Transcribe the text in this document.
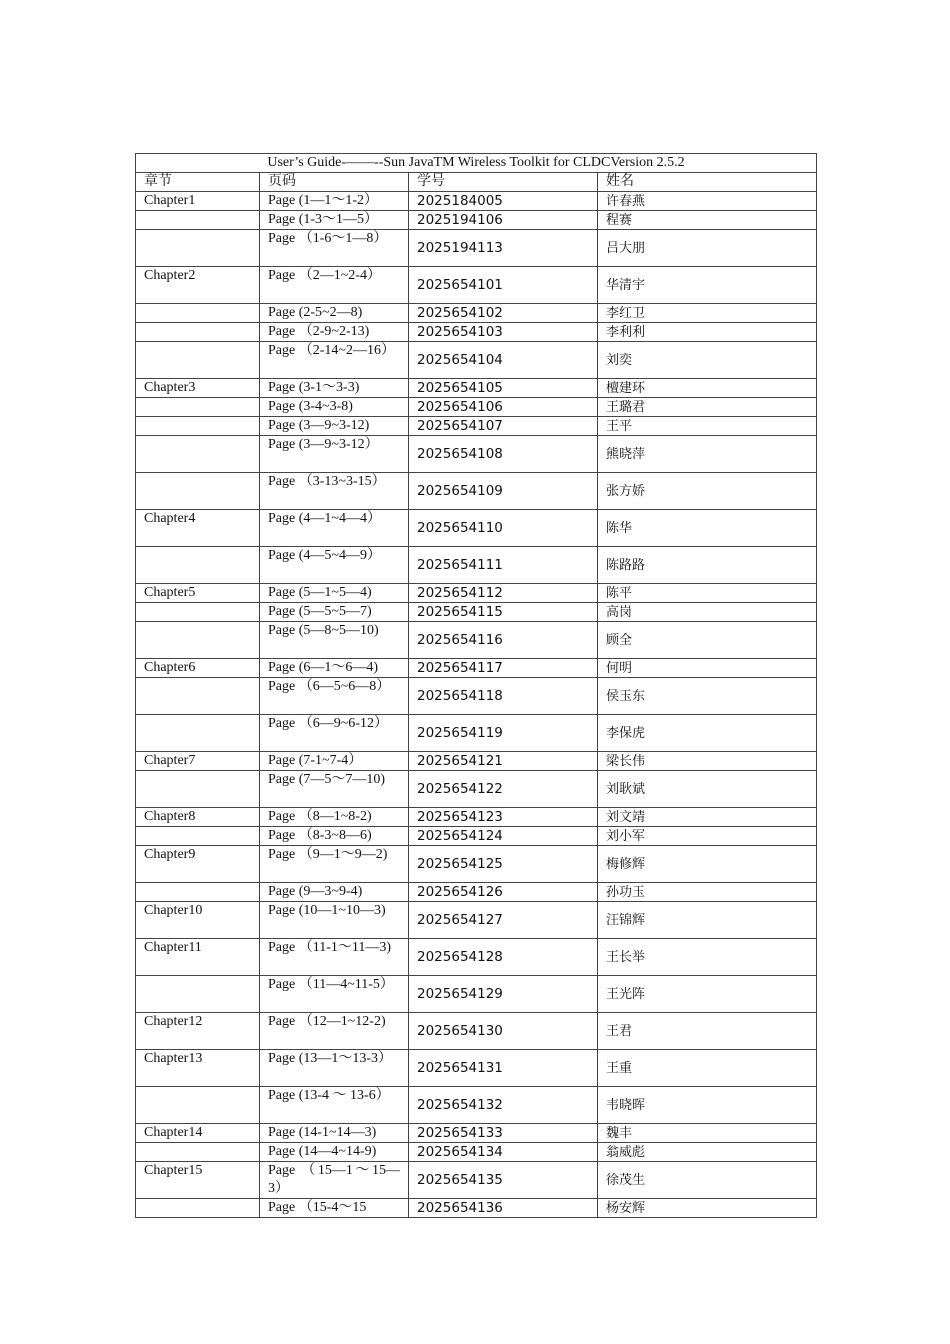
User’s Guide-——--Sun JavaTM Wireless Toolkit for CLDCVersion 2.5.2			
章节	页码	学号	姓名
Chapter1	Page (1—1～1-2）	2025184005	许春燕
	Page (1-3～1—5）	2025194106	程赛
	Page （1-6～1—8）	2025194113	吕大朋
Chapter2	Page （2—1~2-4）	2025654101	华清宇
	Page (2-5~2—8)	2025654102	李红卫
	Page （2-9~2-13)	2025654103	李利利
	Page （2-14~2—16）	2025654104	刘奕
Chapter3	Page (3-1～3-3)	2025654105	檀建环
	Page (3-4~3-8)	2025654106	王璐君
	Page (3—9~3-12)	2025654107	王平
	Page (3—9~3-12）	2025654108	熊晓萍
	Page （3-13~3-15）	2025654109	张方娇
Chapter4	Page (4—1~4—4）	2025654110	陈华
	Page (4—5~4—9）	2025654111	陈路路
Chapter5	Page (5—1~5—4)	2025654112	陈平
	Page (5—5~5—7)	2025654115	高岗
	Page (5—8~5—10)	2025654116	顾全
Chapter6	Page (6—1～6—4)	2025654117	何明
	Page （6—5~6—8）	2025654118	侯玉东
	Page （6—9~6-12）	2025654119	李保虎
Chapter7	Page (7-1~7-4）	2025654121	梁长伟
	Page (7—5～7—10)	2025654122	刘耿斌
Chapter8	Page （8—1~8-2)	2025654123	刘文靖
	Page （8-3~8—6)	2025654124	刘小军
Chapter9	Page （9—1～9—2)	2025654125	梅修辉
	Page (9—3~9-4)	2025654126	孙功玉
Chapter10	Page (10—1~10—3)	2025654127	汪锦辉
Chapter11	Page （11-1～11—3)	2025654128	王长举
	Page （11—4~11-5）	2025654129	王光阵
Chapter12	Page （12—1~12-2)	2025654130	王君
Chapter13	Page (13—1～13-3）	2025654131	王重
	Page (13-4 ～ 13-6）	2025654132	韦晓晖
Chapter14	Page (14-1~14—3)	2025654133	魏丰
	Page (14—4~14-9)	2025654134	翁威彪
Chapter15	Page （15—1～15—3）	2025654135	徐茂生
	Page （15-4～15	2025654136	杨安辉
